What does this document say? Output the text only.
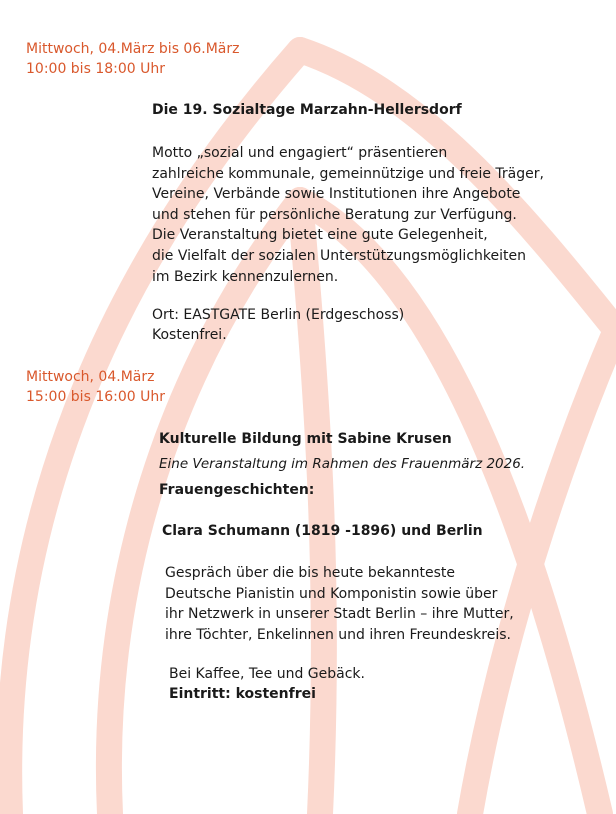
Mittwoch, 04.März bis 06.März
10:00 bis 18:00 Uhr
Die 19. Sozialtage Marzahn-Hellersdorf
Motto „sozial und engagiert“ präsentieren
zahlreiche kommunale, gemeinnützige und freie Träger,
Vereine, Verbände sowie Institutionen ihre Angebote
und stehen für persönliche Beratung zur Verfügung.
Die Veranstaltung bietet eine gute Gelegenheit,
die Vielfalt der sozialen Unterstützungsmöglichkeiten
im Bezirk kennenzulernen.
Ort: EASTGATE Berlin (Erdgeschoss)
Kostenfrei.
Mittwoch, 04.März
15:00 bis 16:00 Uhr
Kulturelle Bildung mit Sabine Krusen
Eine Veranstaltung im Rahmen des Frauenmärz 2026.
Frauengeschichten:
Clara Schumann (1819 -1896) und Berlin
Gespräch über die bis heute bekannteste
Deutsche Pianistin und Komponistin sowie über
ihr Netzwerk in unserer Stadt Berlin – ihre Mutter,
ihre Töchter, Enkelinnen und ihren Freundeskreis.
Bei Kaffee, Tee und Gebäck.
Eintritt: kostenfrei
